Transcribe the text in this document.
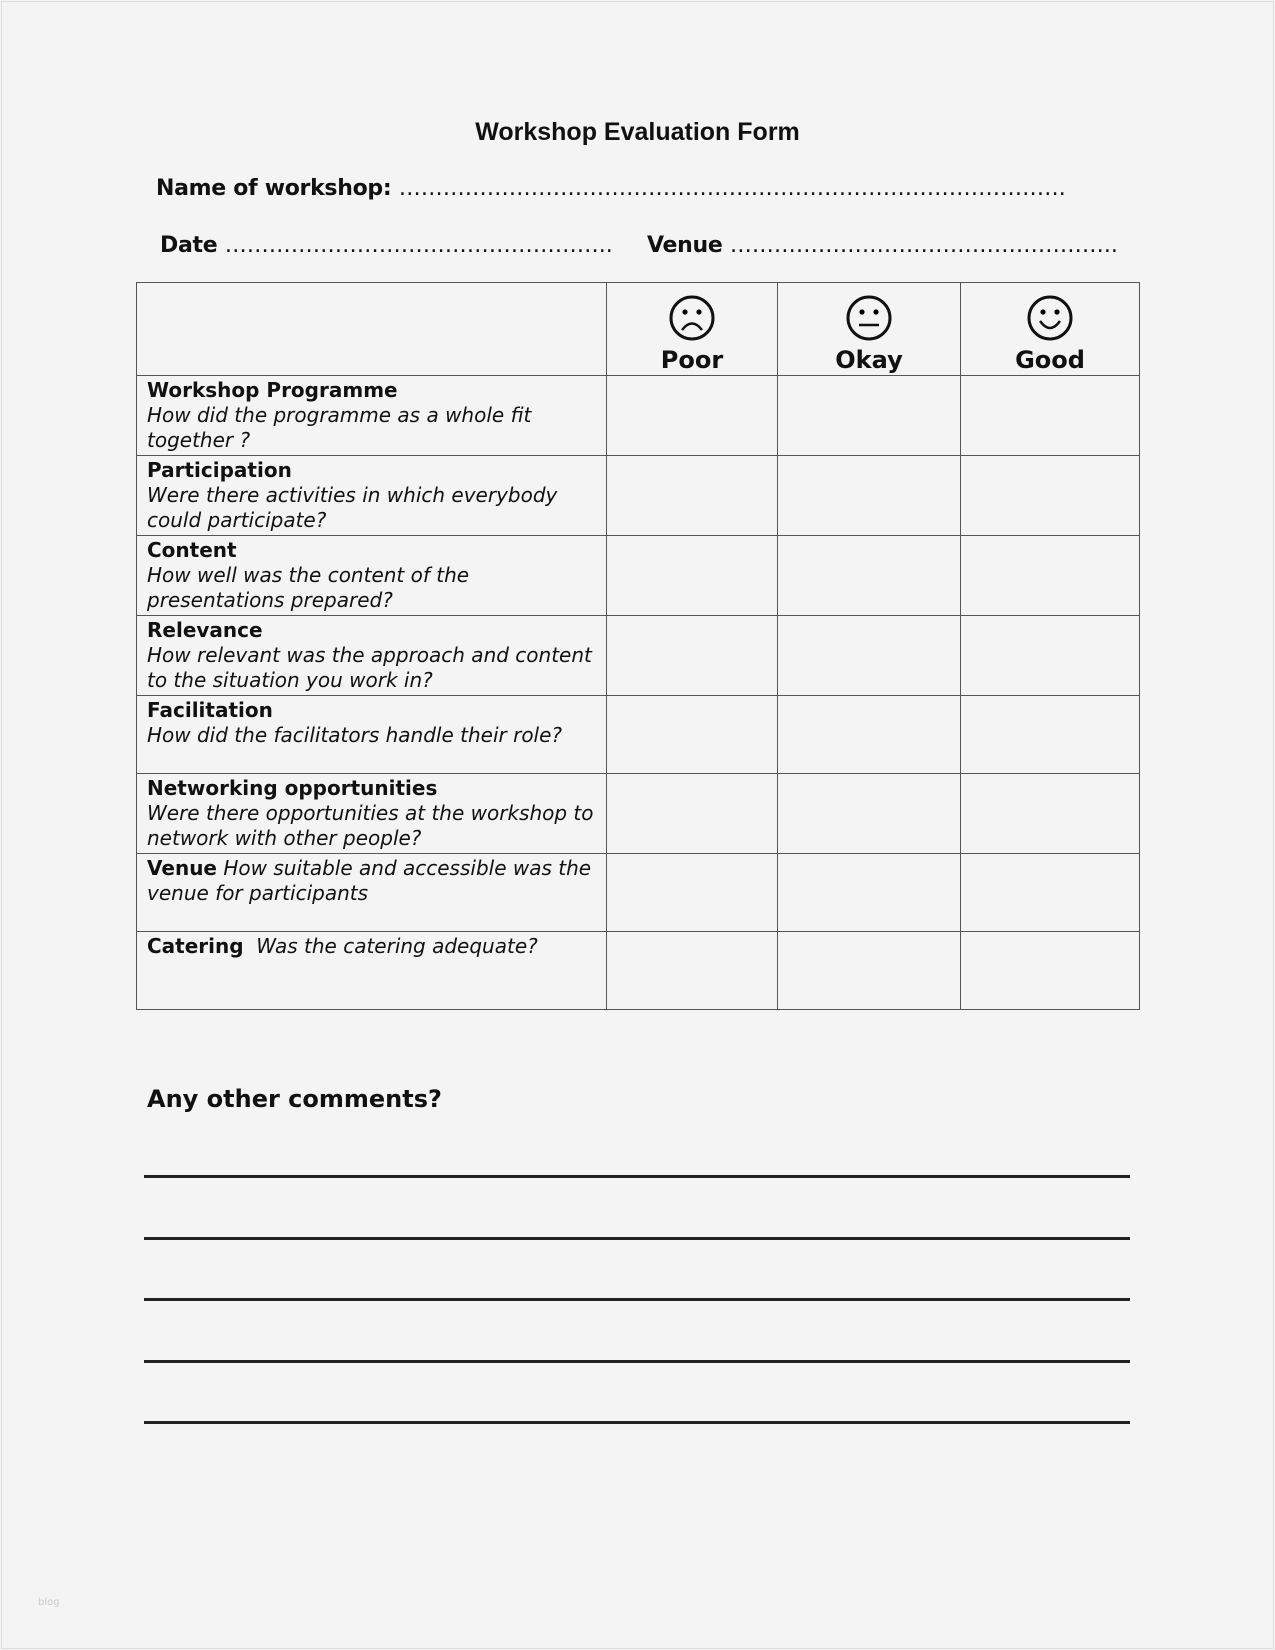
Workshop Evaluation Form
Name of workshop: ……………………………………………………………………………….
Date …………………………………………….. Venue ……………………………………………..

	Poor	Okay	Good

Workshop Programme
How did the programme as a whole fit together ?			
Participation
Were there activities in which everybody could participate?			
Content
How well was the content of the presentations prepared?			
Relevance
How relevant was the approach and content to the situation you work in?			
Facilitation
How did the facilitators handle their role?			
Networking opportunities
Were there opportunities at the workshop to network with other people?			
Venue How suitable and accessible was the venue for participants			
Catering Was the catering adequate?			
Any other comments?
blog
